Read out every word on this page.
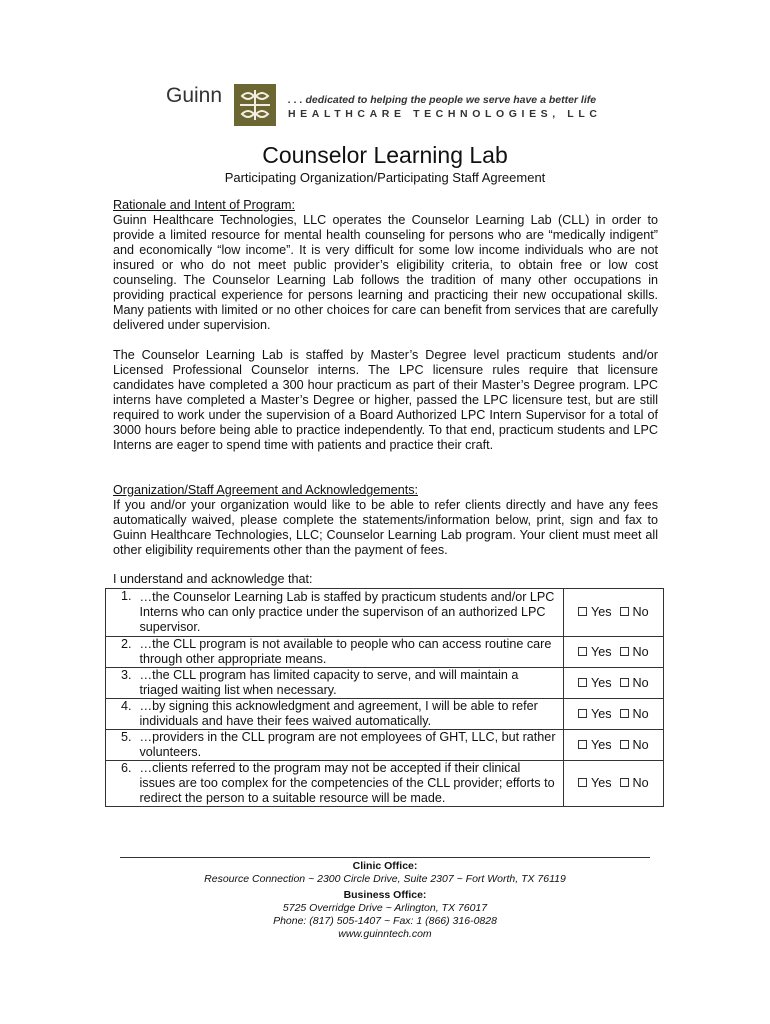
Guinn	. . . dedicated to helping the people we serve have a better life
HEALTHCARE TECHNOLOGIES, LLC
Counselor Learning Lab
Participating Organization/Participating Staff Agreement

Rationale and Intent of Program:

Guinn Healthcare Technologies, LLC operates the Counselor Learning Lab (CLL) in order to provide a limited resource for mental health counseling for persons who are “medically indigent” and economically “low income”. It is very difficult for some low income individuals who are not insured or who do not meet public provider’s eligibility criteria, to obtain free or low cost counseling. The Counselor Learning Lab follows the tradition of many other occupations in providing practical experience for persons learning and practicing their new occupational skills. Many patients with limited or no other choices for care can benefit from services that are carefully delivered under supervision.

The Counselor Learning Lab is staffed by Master’s Degree level practicum students and/or Licensed Professional Counselor interns. The LPC licensure rules require that licensure candidates have completed a 300 hour practicum as part of their Master’s Degree program. LPC interns have completed a Master’s Degree or higher, passed the LPC licensure test, but are still required to work under the supervision of a Board Authorized LPC Intern Supervisor for a total of 3000 hours before being able to practice independently. To that end, practicum students and LPC Interns are eager to spend time with patients and practice their craft.

Organization/Staff Agreement and Acknowledgements:

If you and/or your organization would like to be able to refer clients directly and have any fees automatically waived, please complete the statements/information below, print, sign and fax to Guinn Healthcare Technologies, LLC; Counselor Learning Lab program. Your client must meet all other eligibility requirements other than the payment of fees.

I understand and acknowledge that:

1.	…the Counselor Learning Lab is staffed by practicum students and/or LPC Interns who can only practice under the supervison of an authorized LPC supervisor.	Yes No
2.	…the CLL program is not available to people who can access routine care through other appropriate means.	Yes No
3.	…the CLL program has limited capacity to serve, and will maintain a triaged waiting list when necessary.	Yes No
4.	…by signing this acknowledgment and agreement, I will be able to refer individuals and have their fees waived automatically.	Yes No
5.	…providers in the CLL program are not employees of GHT, LLC, but rather volunteers.	Yes No
6.	…clients referred to the program may not be accepted if their clinical issues are too complex for the competencies of the CLL provider; efforts to redirect the person to a suitable resource will be made.	Yes No
Clinic Office:
Resource Connection ~ 2300 Circle Drive, Suite 2307 ~ Fort Worth, TX 76119
Business Office:
5725 Overridge Drive ~ Arlington, TX 76017
Phone: (817) 505-1407 ~ Fax: 1 (866) 316-0828
www.guinntech.com
